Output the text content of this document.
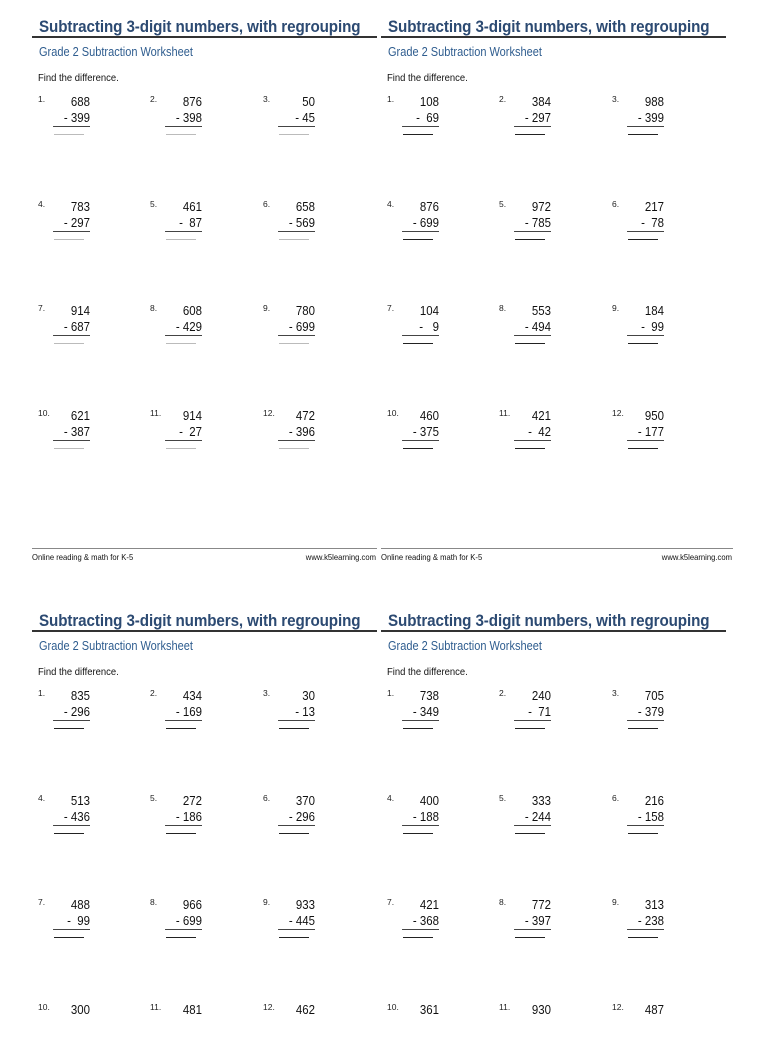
Subtracting 3-digit numbers, with regrouping
Grade 2 Subtraction Worksheet
Find the difference.
1.	688
- 399
2.	876
- 398
3.	50
- 45
4.	783
- 297
5.	461
-  87
6.	658
- 569
7.	914
- 687
8.	608
- 429
9.	780
- 699
10.	621
- 387
11.	914
-  27
12.	472
- 396
Subtracting 3-digit numbers, with regrouping
Grade 2 Subtraction Worksheet
Find the difference.
1.	108
-  69
2.	384
- 297
3.	988
- 399
4.	876
- 699
5.	972
- 785
6.	217
-  78
7.	104
-   9
8.	553
- 494
9.	184
-  99
10.	460
- 375
11.	421
-  42
12.	950
- 177
Online reading & math for K-5	www.k5learning.com Online reading & math for K-5	www.k5learning.com
Subtracting 3-digit numbers, with regrouping
Grade 2 Subtraction Worksheet
Find the difference.
1.	835
- 296
2.	434
- 169
3.	30
- 13
4.	513
- 436
5.	272
- 186
6.	370
- 296
7.	488
-  99
8.	966
- 699
9.	933
- 445
10.	300	11.	481	12.	462
Subtracting 3-digit numbers, with regrouping
Grade 2 Subtraction Worksheet
Find the difference.
1.	738
- 349
2.	240
-  71
3.	705
- 379
4.	400
- 188
5.	333
- 244
6.	216
- 158
7.	421
- 368
8.	772
- 397
9.	313
- 238
10.	361	11.	930	12.	487
